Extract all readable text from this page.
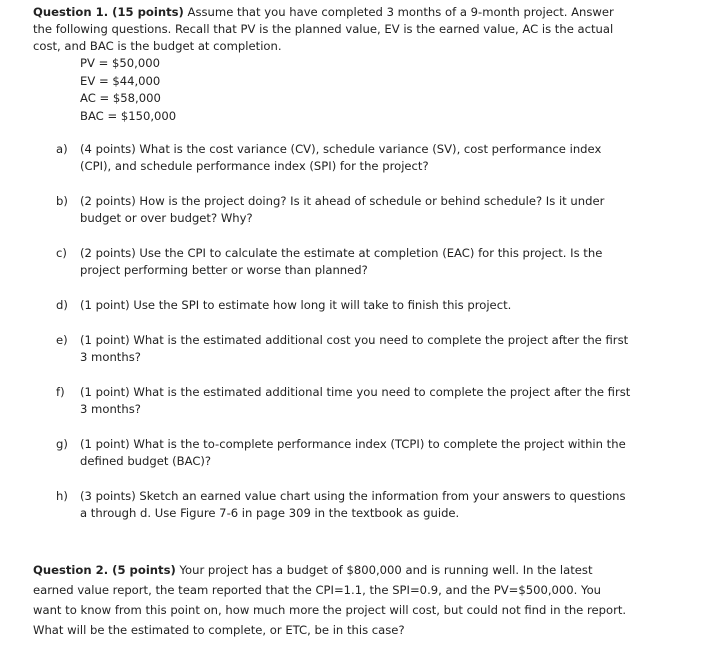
Question 1. (15 points) Assume that you have completed 3 months of a 9-month project. Answer the following questions. Recall that PV is the planned value, EV is the earned value, AC is the actual cost, and BAC is the budget at completion.

PV = $50,000
EV = $44,000
AC = $58,000
BAC = $150,000
a)	(4 points) What is the cost variance (CV), schedule variance (SV), cost performance index (CPI), and schedule performance index (SPI) for the project?
b)	(2 points) How is the project doing? Is it ahead of schedule or behind schedule? Is it under budget or over budget? Why?
c)	(2 points) Use the CPI to calculate the estimate at completion (EAC) for this project. Is the project performing better or worse than planned?
d)	(1 point) Use the SPI to estimate how long it will take to finish this project.
e)	(1 point) What is the estimated additional cost you need to complete the project after the first 3 months?
f)	(1 point) What is the estimated additional time you need to complete the project after the first 3 months?
g)	(1 point) What is the to-complete performance index (TCPI) to complete the project within the defined budget (BAC)?
h)	(3 points) Sketch an earned value chart using the information from your answers to questions a through d. Use Figure 7-6 in page 309 in the textbook as guide.

Question 2. (5 points) Your project has a budget of $800,000 and is running well. In the latest earned value report, the team reported that the CPI=1.1, the SPI=0.9, and the PV=$500,000. You want to know from this point on, how much more the project will cost, but could not find in the report. What will be the estimated to complete, or ETC, be in this case?
